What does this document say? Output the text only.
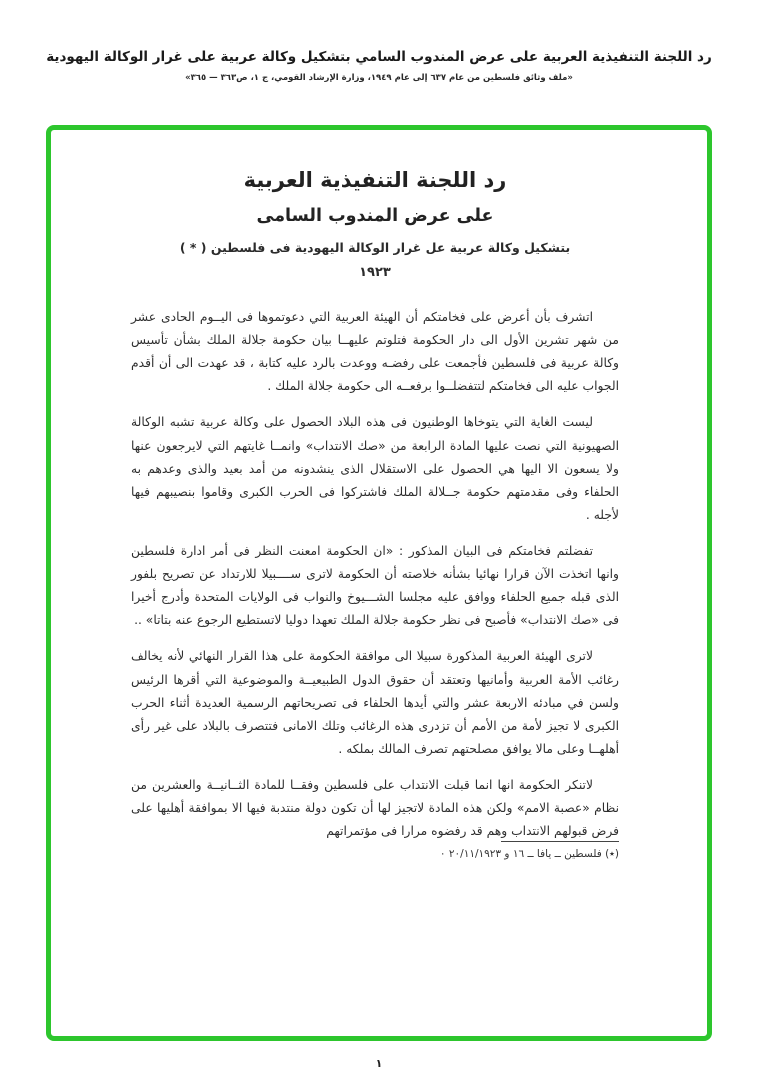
رد اللجنة التنفيذية العربية على عرض المندوب السامي بتشكيل وكالة عربية على غرار الوكالة اليهودية
«ملف وثائق فلسطين من عام ٦٣٧ إلى عام ١٩٤٩، وزارة الإرشاد القومي، ج ١، ص٣٦٣ — ٣٦٥»
رد اللجنة التنفيذية العربية
على عرض المندوب السامى
بتشكيل وكالة عربية عل غرار الوكالة اليهودية فى فلسطين ( * )
١٩٢٣

اتشرف بأن أعرض على فخامتكم أن الهيئة العربية التي دعوتموها فى اليــوم الحادى عشر من شهر تشرين الأول الى دار الحكومة فتلوتم عليهــا بيان حكومة جلالة الملك بشأن تأسيس وكالة عربية فى فلسطين فأجمعت على رفضـه ووعدت بالرد عليه كتابة ، قد عهدت الى أن أقدم الجواب عليه الى فخامتكم لتتفضلــوا برفعــه الى حكومة جلالة الملك .

ليست الغاية التي يتوخاها الوطنيون فى هذه البلاد الحصول على وكالة عربية تشبه الوكالة الصهيونية التي نصت عليها المادة الرابعة من «صك الانتداب» وانمــا غايتهم التي لايرجعون عنها ولا يسعون الا اليها هي الحصول على الاستقلال الذى ينشدونه من أمد بعيد والذى وعدهم به الحلفاء وفى مقدمتهم حكومة جــلالة الملك فاشتركوا فى الحرب الكبرى وقاموا بنصيبهم فيها لأجله .

تفضلتم فخامتكم فى البيان المذكور : «ان الحكومة امعنت النظر فى أمر ادارة فلسطين وانها اتخذت الآن قرارا نهائيا بشأنه خلاصته أن الحكومة لاترى ســــبيلا للارتداد عن تصريح بلفور الذى قبله جميع الحلفاء ووافق عليه مجلسا الشـــيوخ والنواب فى الولايات المتحدة وأدرج أخيرا فى «صك الانتداب» فأصبح فى نظر حكومة جلالة الملك تعهدا دوليا لاتستطيع الرجوع عنه بتاتا» ..

لاترى الهيئة العربية المذكورة سبيلا الى موافقة الحكومة على هذا القرار النهائي لأنه يخالف رغائب الأمة العربية وأمانيها وتعتقد أن حقوق الدول الطبيعيــة والموضوعية التي أقرها الرئيس ولسن في مبادئه الاربعة عشر والتي أيدها الحلفاء فى تصريحاتهم الرسمية العديدة أثناء الحرب الكبرى لا تجيز لأمة من الأمم أن تزدرى هذه الرغائب وتلك الامانى فتتصرف بالبلاد على غير رأى أهلهــا وعلى مالا يوافق مصلحتهم تصرف المالك بملكه .

لاتنكر الحكومة انها انما قبلت الانتداب على فلسطين وفقــا للمادة الثــانيــة والعشرين من نظام «عصبة الامم» ولكن هذه المادة لاتجيز لها أن تكون دولة منتدبة فيها الا بموافقة أهليها على فرض قبولهم الانتداب وهم قد رفضوه مرارا فى مؤتمراتهم

(٭) فلسطين ــ يافا ــ ١٦ و ٢٠/١١/١٩٢٣ ٠
١
